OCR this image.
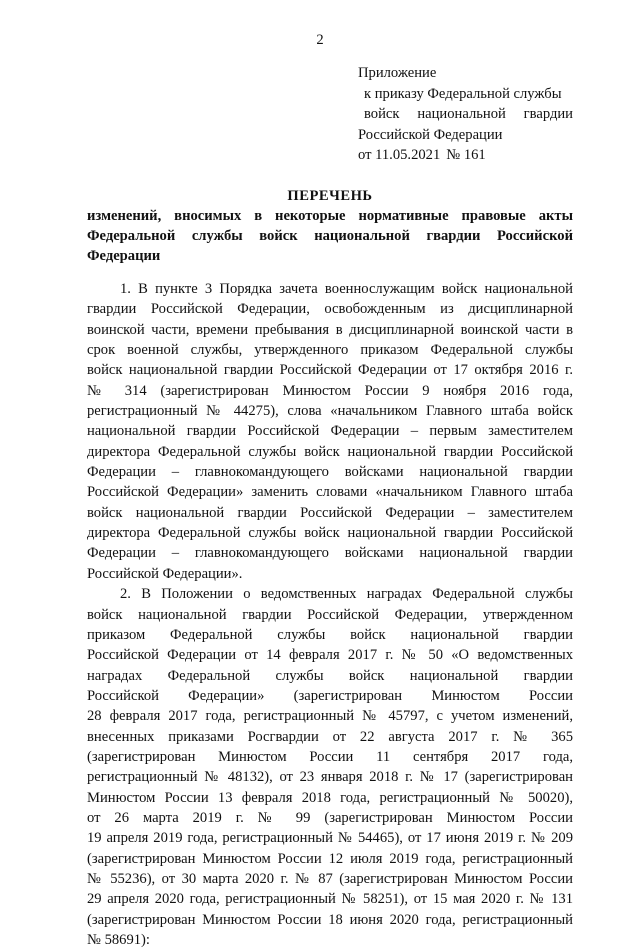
2
Приложение
к приказу Федеральной службы
войск национальной гвардии
Российской Федерации
от 11.05.2021 № 161
ПЕРЕЧЕНЬ
изменений, вносимых в некоторые нормативные правовые акты
Федеральной службы войск национальной гвардии Российской
Федерации
1. В пункте 3 Порядка зачета военнослужащим войск национальной
гвардии Российской Федерации, освобожденным из дисциплинарной
воинской части, времени пребывания в дисциплинарной воинской части в
срок военной службы, утвержденного приказом Федеральной службы
войск национальной гвардии Российской Федерации от 17 октября 2016 г.
№ 314 (зарегистрирован Минюстом России 9 ноября 2016 года,
регистрационный № 44275), слова «начальником Главного штаба войск
национальной гвардии Российской Федерации – первым заместителем
директора Федеральной службы войск национальной гвардии Российской
Федерации – главнокомандующего войсками национальной гвардии
Российской Федерации» заменить словами «начальником Главного штаба
войск национальной гвардии Российской Федерации – заместителем
директора Федеральной службы войск национальной гвардии Российской
Федерации – главнокомандующего войсками национальной гвардии
Российской Федерации».
2. В Положении о ведомственных наградах Федеральной службы
войск национальной гвардии Российской Федерации, утвержденном
приказом Федеральной службы войск национальной гвардии
Российской Федерации от 14 февраля 2017 г. № 50 «О ведомственных
наградах Федеральной службы войск национальной гвардии
Российской Федерации» (зарегистрирован Минюстом России
28 февраля 2017 года, регистрационный № 45797, с учетом изменений,
внесенных приказами Росгвардии от 22 августа 2017 г. № 365
(зарегистрирован Минюстом России 11 сентября 2017 года,
регистрационный № 48132), от 23 января 2018 г. № 17 (зарегистрирован
Минюстом России 13 февраля 2018 года, регистрационный № 50020),
от 26 марта 2019 г. № 99 (зарегистрирован Минюстом России
19 апреля 2019 года, регистрационный № 54465), от 17 июня 2019 г. № 209
(зарегистрирован Минюстом России 12 июля 2019 года, регистрационный
№ 55236), от 30 марта 2020 г. № 87 (зарегистрирован Минюстом России
29 апреля 2020 года, регистрационный № 58251), от 15 мая 2020 г. № 131
(зарегистрирован Минюстом России 18 июня 2020 года, регистрационный
№ 58691):
